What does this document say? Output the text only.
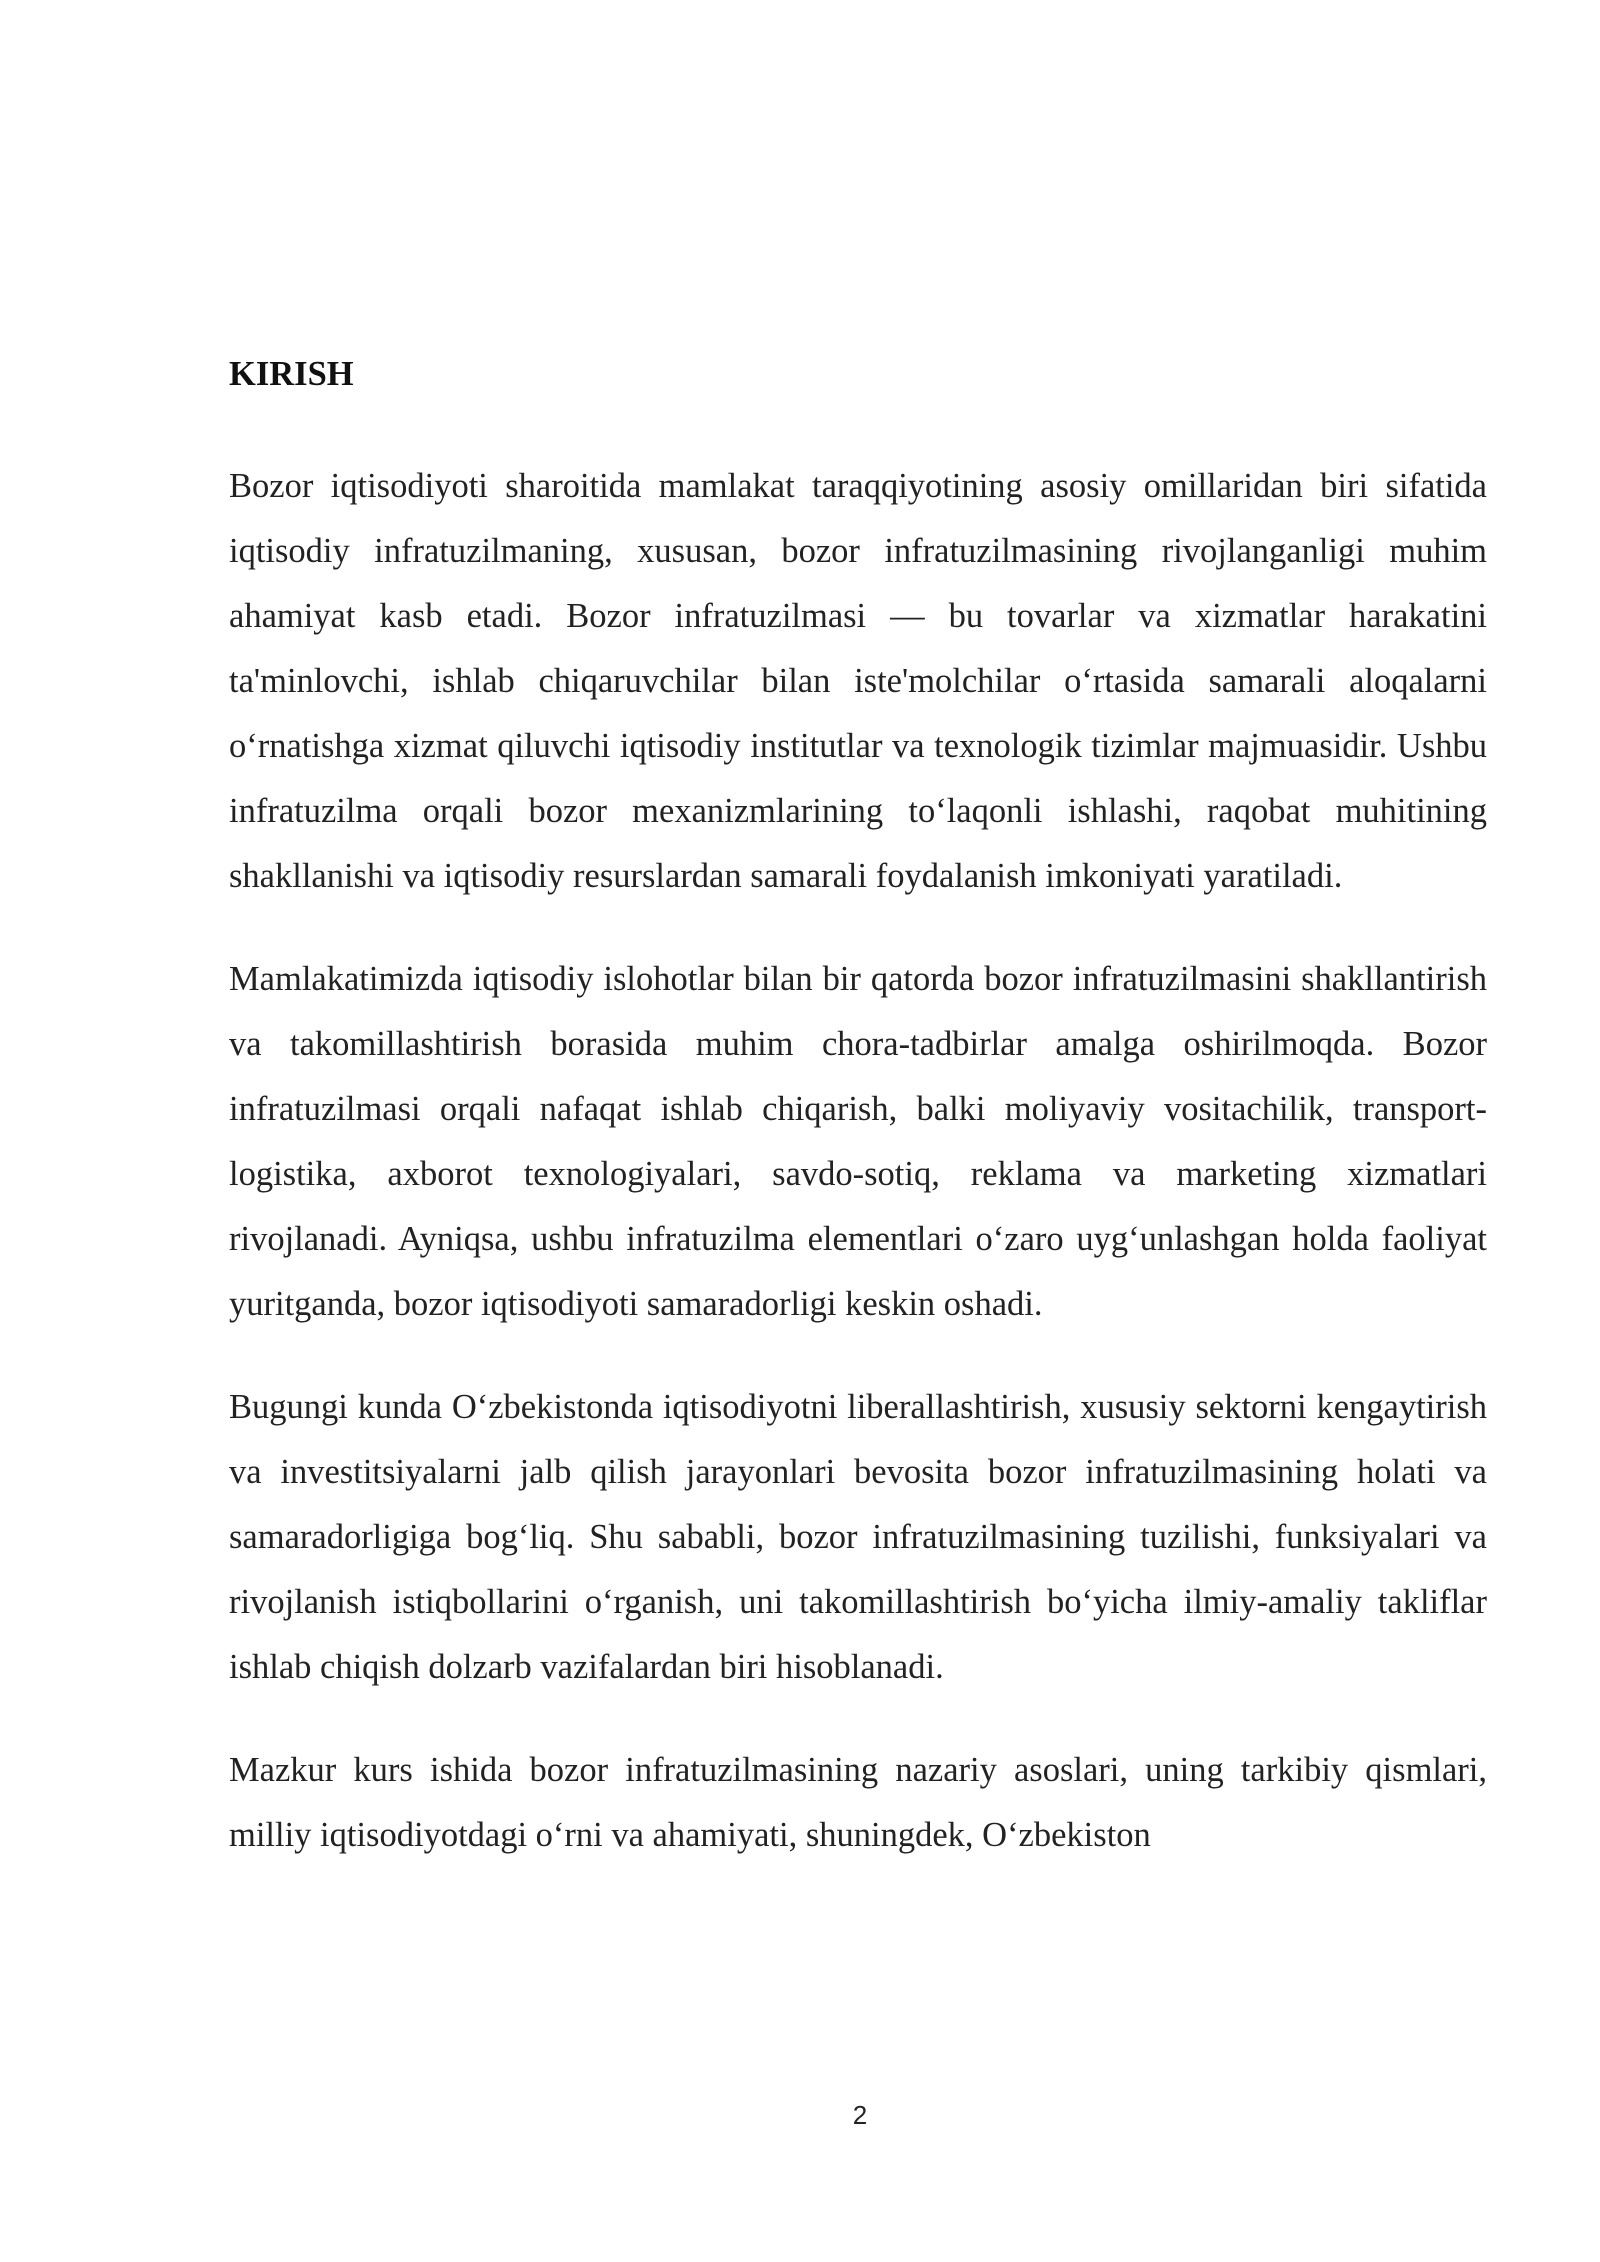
KIRISH

Bozor iqtisodiyoti sharoitida mamlakat taraqqiyotining asosiy omillaridan biri sifatida iqtisodiy infratuzilmaning, xususan, bozor infratuzilmasining rivojlanganligi muhim ahamiyat kasb etadi. Bozor infratuzilmasi — bu tovarlar va xizmatlar harakatini ta'minlovchi, ishlab chiqaruvchilar bilan iste'molchilar o‘rtasida samarali aloqalarni o‘rnatishga xizmat qiluvchi iqtisodiy institutlar va texnologik tizimlar majmuasidir. Ushbu infratuzilma orqali bozor mexanizmlarining to‘laqonli ishlashi, raqobat muhitining shakllanishi va iqtisodiy resurslardan samarali foydalanish imkoniyati yaratiladi.

Mamlakatimizda iqtisodiy islohotlar bilan bir qatorda bozor infratuzilmasini shakllantirish va takomillashtirish borasida muhim chora-tadbirlar amalga oshirilmoqda. Bozor infratuzilmasi orqali nafaqat ishlab chiqarish, balki moliyaviy vositachilik, transport-logistika, axborot texnologiyalari, savdo-sotiq, reklama va marketing xizmatlari rivojlanadi. Ayniqsa, ushbu infratuzilma elementlari o‘zaro uyg‘unlashgan holda faoliyat yuritganda, bozor iqtisodiyoti samaradorligi keskin oshadi.

Bugungi kunda O‘zbekistonda iqtisodiyotni liberallashtirish, xususiy sektorni kengaytirish va investitsiyalarni jalb qilish jarayonlari bevosita bozor infratuzilmasining holati va samaradorligiga bog‘liq. Shu sababli, bozor infratuzilmasining tuzilishi, funksiyalari va rivojlanish istiqbollarini o‘rganish, uni takomillashtirish bo‘yicha ilmiy-amaliy takliflar ishlab chiqish dolzarb vazifalardan biri hisoblanadi.

Mazkur kurs ishida bozor infratuzilmasining nazariy asoslari, uning tarkibiy qismlari, milliy iqtisodiyotdagi o‘rni va ahamiyati, shuningdek, O‘zbekiston

2
